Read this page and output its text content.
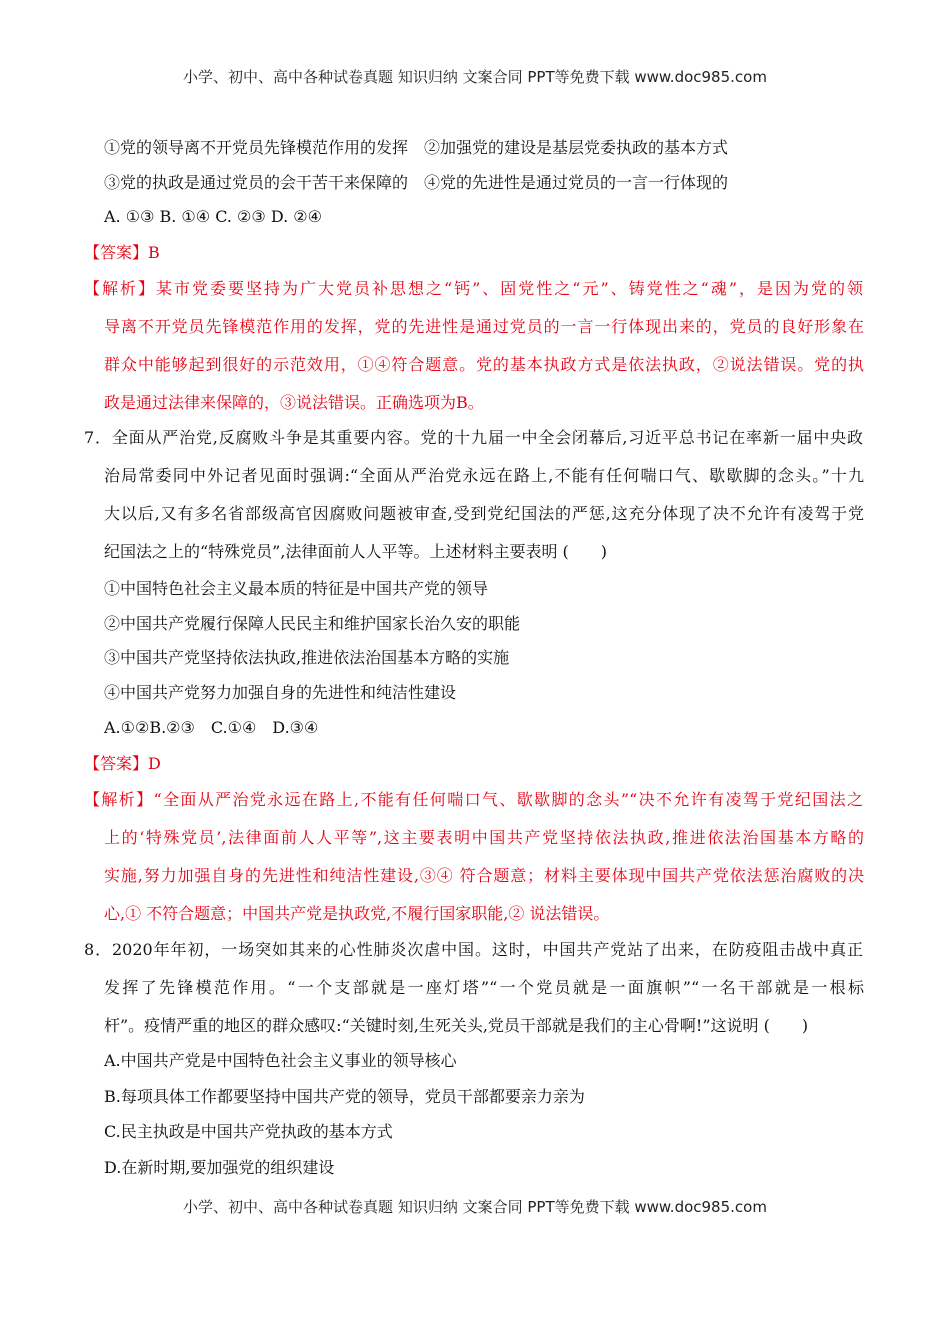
小学、初中、高中各种试卷真题 知识归纳 文案合同 PPT等免费下载 www.doc985.com
①党的领导离不开党员先锋模范作用的发挥　②加强党的建设是基层党委执政的基本方式
③党的执政是通过党员的会干苦干来保障的　④党的先进性是通过党员的一言一行体现的
A. ①③ B. ①④ C. ②③ D. ②④
【答案】B
【解析】某市党委要坚持为广大党员补思想之“钙”、固党性之“元”、铸党性之“魂”，是因为党的领
导离不开党员先锋模范作用的发挥，党的先进性是通过党员的一言一行体现出来的，党员的良好形象在
群众中能够起到很好的示范效用，①④符合题意。党的基本执政方式是依法执政，②说法错误。党的执
政是通过法律来保障的，③说法错误。正确选项为B。
7．全面从严治党,反腐败斗争是其重要内容。党的十九届一中全会闭幕后,习近平总书记在率新一届中央政
治局常委同中外记者见面时强调:“全面从严治党永远在路上,不能有任何喘口气、歇歇脚的念头。”十九
大以后,又有多名省部级高官因腐败问题被审查,受到党纪国法的严惩,这充分体现了决不允许有凌驾于党
纪国法之上的“特殊党员”,法律面前人人平等。上述材料主要表明 (　　)
①中国特色社会主义最本质的特征是中国共产党的领导
②中国共产党履行保障人民民主和维护国家长治久安的职能
③中国共产党坚持依法执政,推进依法治国基本方略的实施
④中国共产党努力加强自身的先进性和纯洁性建设
A.①②B.②③　C.①④　D.③④
【答案】D
【解析】“全面从严治党永远在路上,不能有任何喘口气、歇歇脚的念头”“决不允许有凌驾于党纪国法之
上的‘特殊党员’,法律面前人人平等”,这主要表明中国共产党坚持依法执政,推进依法治国基本方略的
实施,努力加强自身的先进性和纯洁性建设,③④ 符合题意；材料主要体现中国共产党依法惩治腐败的决
心,① 不符合题意；中国共产党是执政党,不履行国家职能,② 说法错误。
8．2020年年初，一场突如其来的心性肺炎次虐中国。这时，中国共产党站了出来，在防疫阻击战中真正
发挥了先锋模范作用。“一个支部就是一座灯塔”“一个党员就是一面旗帜”“一名干部就是一根标
杆”。疫情严重的地区的群众感叹:“关键时刻,生死关头,党员干部就是我们的主心骨啊!”这说明 (　　)
A.中国共产党是中国特色社会主义事业的领导核心
B.每项具体工作都要坚持中国共产党的领导，党员干部都要亲力亲为
C.民主执政是中国共产党执政的基本方式
D.在新时期,要加强党的组织建设
小学、初中、高中各种试卷真题 知识归纳 文案合同 PPT等免费下载 www.doc985.com
